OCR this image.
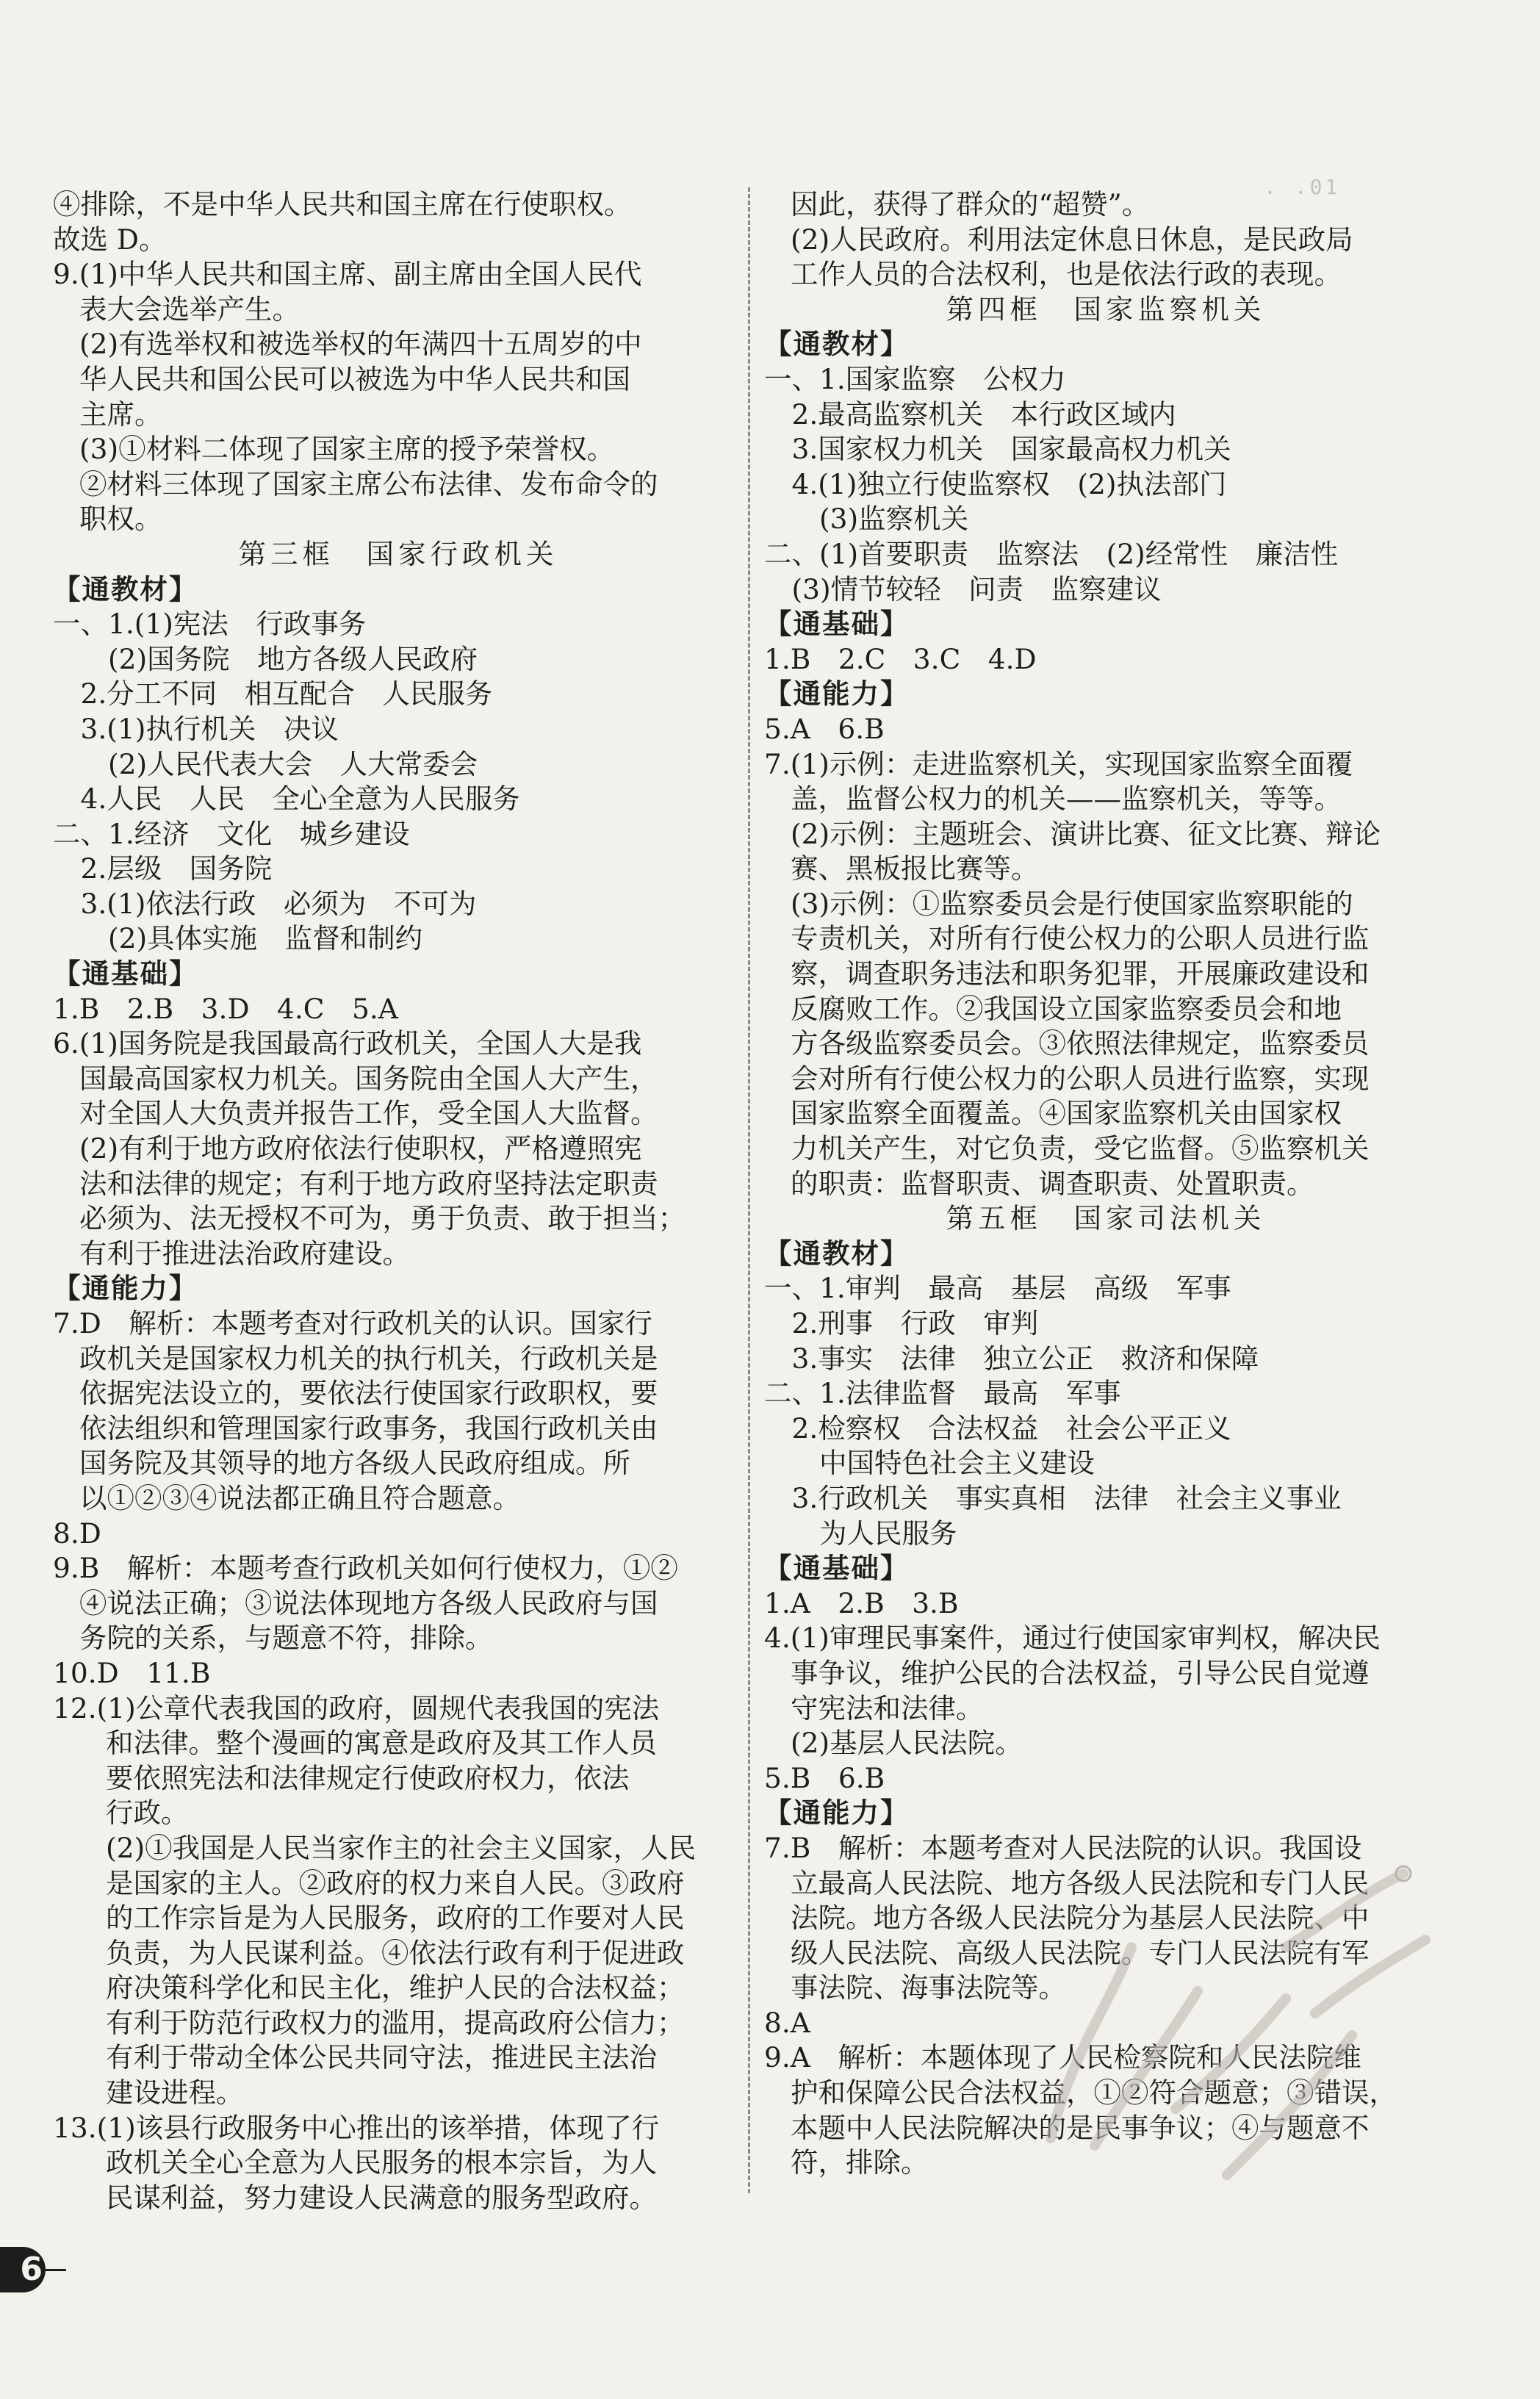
. .01
④排除，不是中华人民共和国主席在行使职权。
故选 D。
9.(1)中华人民共和国主席、副主席由全国人民代
表大会选举产生。
(2)有选举权和被选举权的年满四十五周岁的中
华人民共和国公民可以被选为中华人民共和国
主席。
(3)①材料二体现了国家主席的授予荣誉权。
②材料三体现了国家主席公布法律、发布命令的
职权。
第三框　国家行政机关
【通教材】
一、1.(1)宪法　行政事务
　　(2)国务院　地方各级人民政府
　2.分工不同　相互配合　人民服务
　3.(1)执行机关　决议
　　(2)人民代表大会　人大常委会
　4.人民　人民　全心全意为人民服务
二、1.经济　文化　城乡建设
　2.层级　国务院
　3.(1)依法行政　必须为　不可为
　　(2)具体实施　监督和制约
【通基础】
1.B　2.B　3.D　4.C　5.A
6.(1)国务院是我国最高行政机关，全国人大是我
国最高国家权力机关。国务院由全国人大产生，
对全国人大负责并报告工作，受全国人大监督。
(2)有利于地方政府依法行使职权，严格遵照宪
法和法律的规定；有利于地方政府坚持法定职责
必须为、法无授权不可为，勇于负责、敢于担当；
有利于推进法治政府建设。
【通能力】
7.D　解析：本题考查对行政机关的认识。国家行
政机关是国家权力机关的执行机关，行政机关是
依据宪法设立的，要依法行使国家行政职权，要
依法组织和管理国家行政事务，我国行政机关由
国务院及其领导的地方各级人民政府组成。所
以①②③④说法都正确且符合题意。
8.D
9.B　解析：本题考查行政机关如何行使权力，①②
④说法正确；③说法体现地方各级人民政府与国
务院的关系，与题意不符，排除。
10.D　11.B
12.(1)公章代表我国的政府，圆规代表我国的宪法
和法律。整个漫画的寓意是政府及其工作人员
要依照宪法和法律规定行使政府权力，依法
行政。
(2)①我国是人民当家作主的社会主义国家，人民
是国家的主人。②政府的权力来自人民。③政府
的工作宗旨是为人民服务，政府的工作要对人民
负责，为人民谋利益。④依法行政有利于促进政
府决策科学化和民主化，维护人民的合法权益；
有利于防范行政权力的滥用，提高政府公信力；
有利于带动全体公民共同守法，推进民主法治
建设进程。
13.(1)该县行政服务中心推出的该举措，体现了行
政机关全心全意为人民服务的根本宗旨，为人
民谋利益，努力建设人民满意的服务型政府。
因此，获得了群众的“超赞”。
(2)人民政府。利用法定休息日休息，是民政局
工作人员的合法权利，也是依法行政的表现。
第四框　国家监察机关
【通教材】
一、1.国家监察　公权力
　2.最高监察机关　本行政区域内
　3.国家权力机关　国家最高权力机关
　4.(1)独立行使监察权　(2)执法部门
　　(3)监察机关
二、(1)首要职责　监察法　(2)经常性　廉洁性
　(3)情节较轻　问责　监察建议
【通基础】
1.B　2.C　3.C　4.D
【通能力】
5.A　6.B
7.(1)示例：走进监察机关，实现国家监察全面覆
盖，监督公权力的机关——监察机关，等等。
(2)示例：主题班会、演讲比赛、征文比赛、辩论
赛、黑板报比赛等。
(3)示例：①监察委员会是行使国家监察职能的
专责机关，对所有行使公权力的公职人员进行监
察，调查职务违法和职务犯罪，开展廉政建设和
反腐败工作。②我国设立国家监察委员会和地
方各级监察委员会。③依照法律规定，监察委员
会对所有行使公权力的公职人员进行监察，实现
国家监察全面覆盖。④国家监察机关由国家权
力机关产生，对它负责，受它监督。⑤监察机关
的职责：监督职责、调查职责、处置职责。
第五框　国家司法机关
【通教材】
一、1.审判　最高　基层　高级　军事
　2.刑事　行政　审判
　3.事实　法律　独立公正　救济和保障
二、1.法律监督　最高　军事
　2.检察权　合法权益　社会公平正义
　　中国特色社会主义建设
　3.行政机关　事实真相　法律　社会主义事业
　　为人民服务
【通基础】
1.A　2.B　3.B
4.(1)审理民事案件，通过行使国家审判权，解决民
事争议，维护公民的合法权益，引导公民自觉遵
守宪法和法律。
(2)基层人民法院。
5.B　6.B
【通能力】
7.B　解析：本题考查对人民法院的认识。我国设
立最高人民法院、地方各级人民法院和专门人民
法院。地方各级人民法院分为基层人民法院、中
级人民法院、高级人民法院。专门人民法院有军
事法院、海事法院等。
8.A
9.A　解析：本题体现了人民检察院和人民法院维
护和保障公民合法权益，①②符合题意；③错误，
本题中人民法院解决的是民事争议；④与题意不
符，排除。
6
